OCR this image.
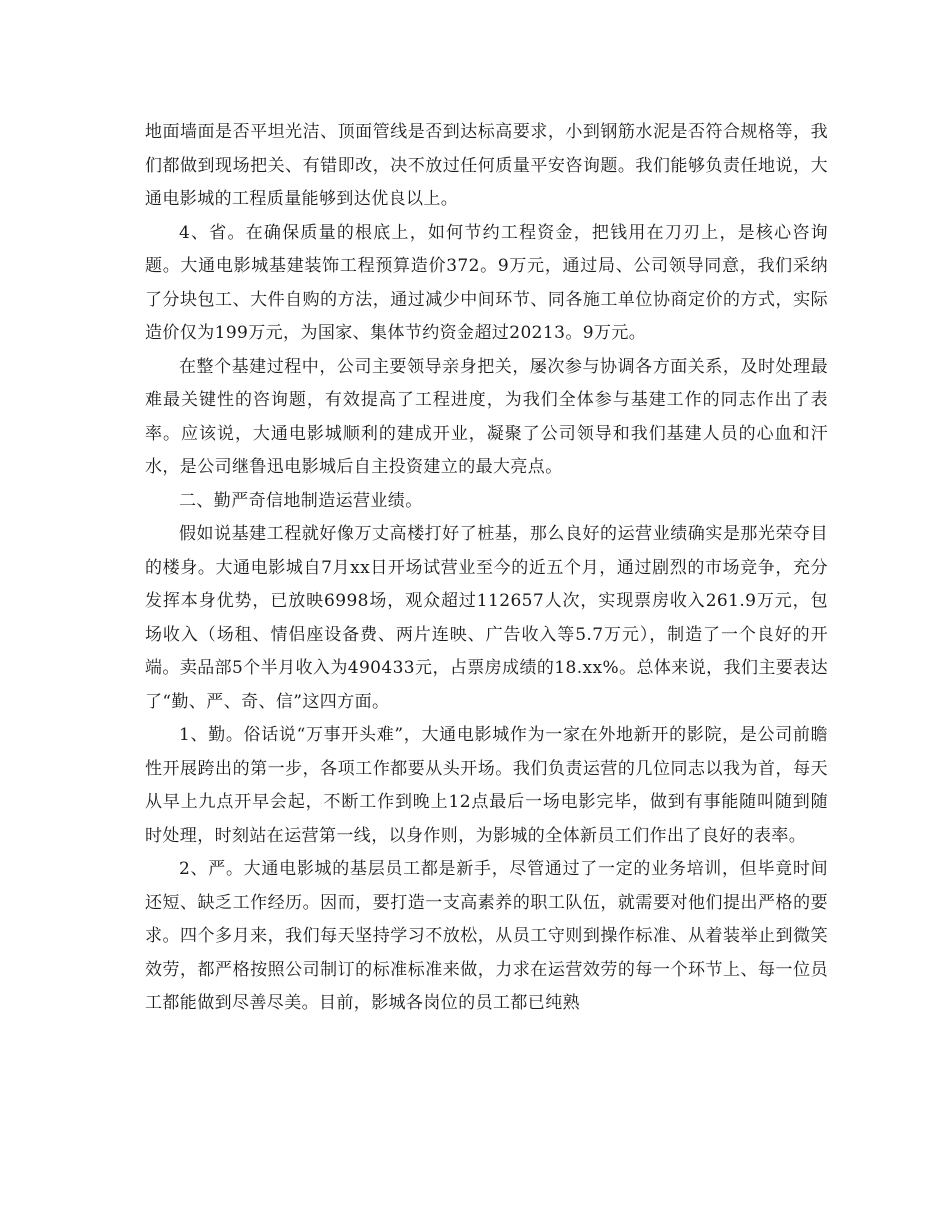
地面墙面是否平坦光洁、顶面管线是否到达标高要求，小到钢筋水泥是否符合规格等，我们都做到现场把关、有错即改，决不放过任何质量平安咨询题。我们能够负责任地说，大通电影城的工程质量能够到达优良以上。

4、省。在确保质量的根底上，如何节约工程资金，把钱用在刀刃上，是核心咨询题。大通电影城基建装饰工程预算造价372。9万元，通过局、公司领导同意，我们采纳了分块包工、大件自购的方法，通过减少中间环节、同各施工单位协商定价的方式，实际造价仅为199万元，为国家、集体节约资金超过20213。9万元。

在整个基建过程中，公司主要领导亲身把关，屡次参与协调各方面关系，及时处理最难最关键性的咨询题，有效提高了工程进度，为我们全体参与基建工作的同志作出了表率。应该说，大通电影城顺利的建成开业，凝聚了公司领导和我们基建人员的心血和汗水，是公司继鲁迅电影城后自主投资建立的最大亮点。

二、勤严奇信地制造运营业绩。

假如说基建工程就好像万丈高楼打好了桩基，那么良好的运营业绩确实是那光荣夺目的楼身。大通电影城自7月xx日开场试营业至今的近五个月，通过剧烈的市场竞争，充分发挥本身优势，已放映6998场，观众超过112657人次，实现票房收入261.9万元，包场收入（场租、情侣座设备费、两片连映、广告收入等5.7万元），制造了一个良好的开端。卖品部5个半月收入为490433元，占票房成绩的18.xx%。总体来说，我们主要表达了“勤、严、奇、信”这四方面。

1、勤。俗话说“万事开头难”，大通电影城作为一家在外地新开的影院，是公司前瞻性开展跨出的第一步，各项工作都要从头开场。我们负责运营的几位同志以我为首，每天从早上九点开早会起，不断工作到晚上12点最后一场电影完毕，做到有事能随叫随到随时处理，时刻站在运营第一线，以身作则，为影城的全体新员工们作出了良好的表率。

2、严。大通电影城的基层员工都是新手，尽管通过了一定的业务培训，但毕竟时间还短、缺乏工作经历。因而，要打造一支高素养的职工队伍，就需要对他们提出严格的要求。四个多月来，我们每天坚持学习不放松，从员工守则到操作标准、从着装举止到微笑效劳，都严格按照公司制订的标准标准来做，力求在运营效劳的每一个环节上、每一位员工都能做到尽善尽美。目前，影城各岗位的员工都已纯熟
